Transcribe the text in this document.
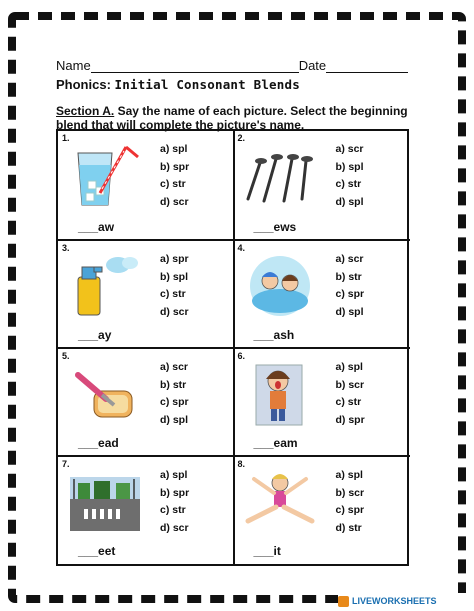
Name	Date
Phonics: Initial Consonant Blends
Section A. Say the name of each picture. Select the beginning blend that will complete the picture's name.
1.
___aw
a) spl
b) spr
c) str
d) scr
2.
___ews
a) scr
b) spl
c) str
d) spl
3.
___ay
a) spr
b) spl
c) str
d) scr
4.
___ash
a) scr
b) str
c) spr
d) spl
5.
___ead
a) scr
b) str
c) spr
d) spl
6.
___eam
a) spl
b) scr
c) str
d) spr
7.
___eet
a) spl
b) spr
c) str
d) scr
8.
___it
a) spl
b) scr
c) spr
d) str
LIVEWORKSHEETS
